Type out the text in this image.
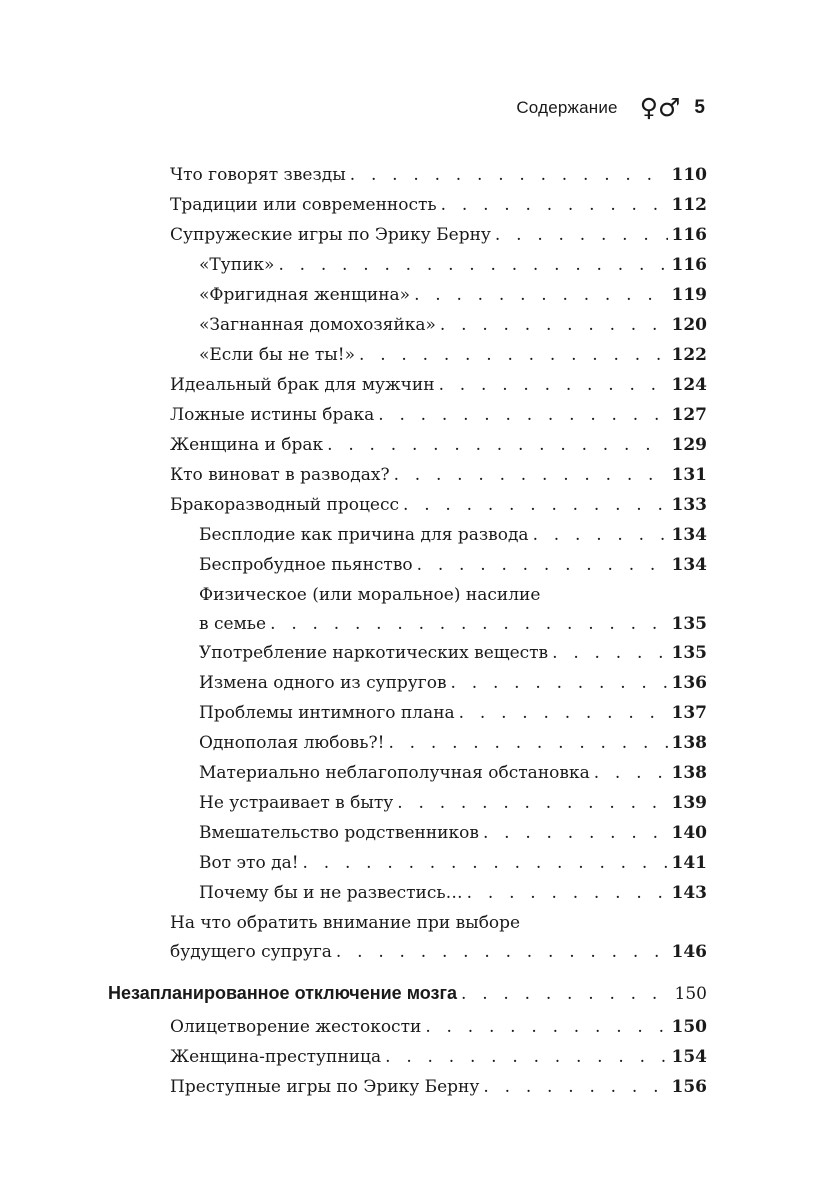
Содержание ♀♂ 5
Что говорят звезды . . .	110
Традиции или современность . . .	112
Супружеские игры по Эрику Берну . . .	116
«Тупик» . . .	116
«Фригидная женщина» . . .	119
«Загнанная домохозяйка» . . .	120
«Если бы не ты!» . . .	122
Идеальный брак для мужчин . . .	124
Ложные истины брака . . .	127
Женщина и брак . . .	129
Кто виноват в разводах? . . .	131
Бракоразводный процесс . . .	133
Бесплодие как причина для развода . . .	134
Беспробудное пьянство . . .	134
Физическое (или моральное) насилие
в семье . . .	135
Употребление наркотических веществ . . .	135
Измена одного из супругов . . .	136
Проблемы интимного плана . . .	137
Однополая любовь?! . . .	138
Материально неблагополучная обстановка . . .	138
Не устраивает в быту . . .	139
Вмешательство родственников . . .	140
Вот это да! . . .	141
Почему бы и не развестись… . . .	143
На что обратить внимание при выборе
будущего супруга . . .	146
Незапланированное отключение мозга . . .	150
Олицетворение жестокости . . .	150
Женщина-преступница . . .	154
Преступные игры по Эрику Берну . . .	156
